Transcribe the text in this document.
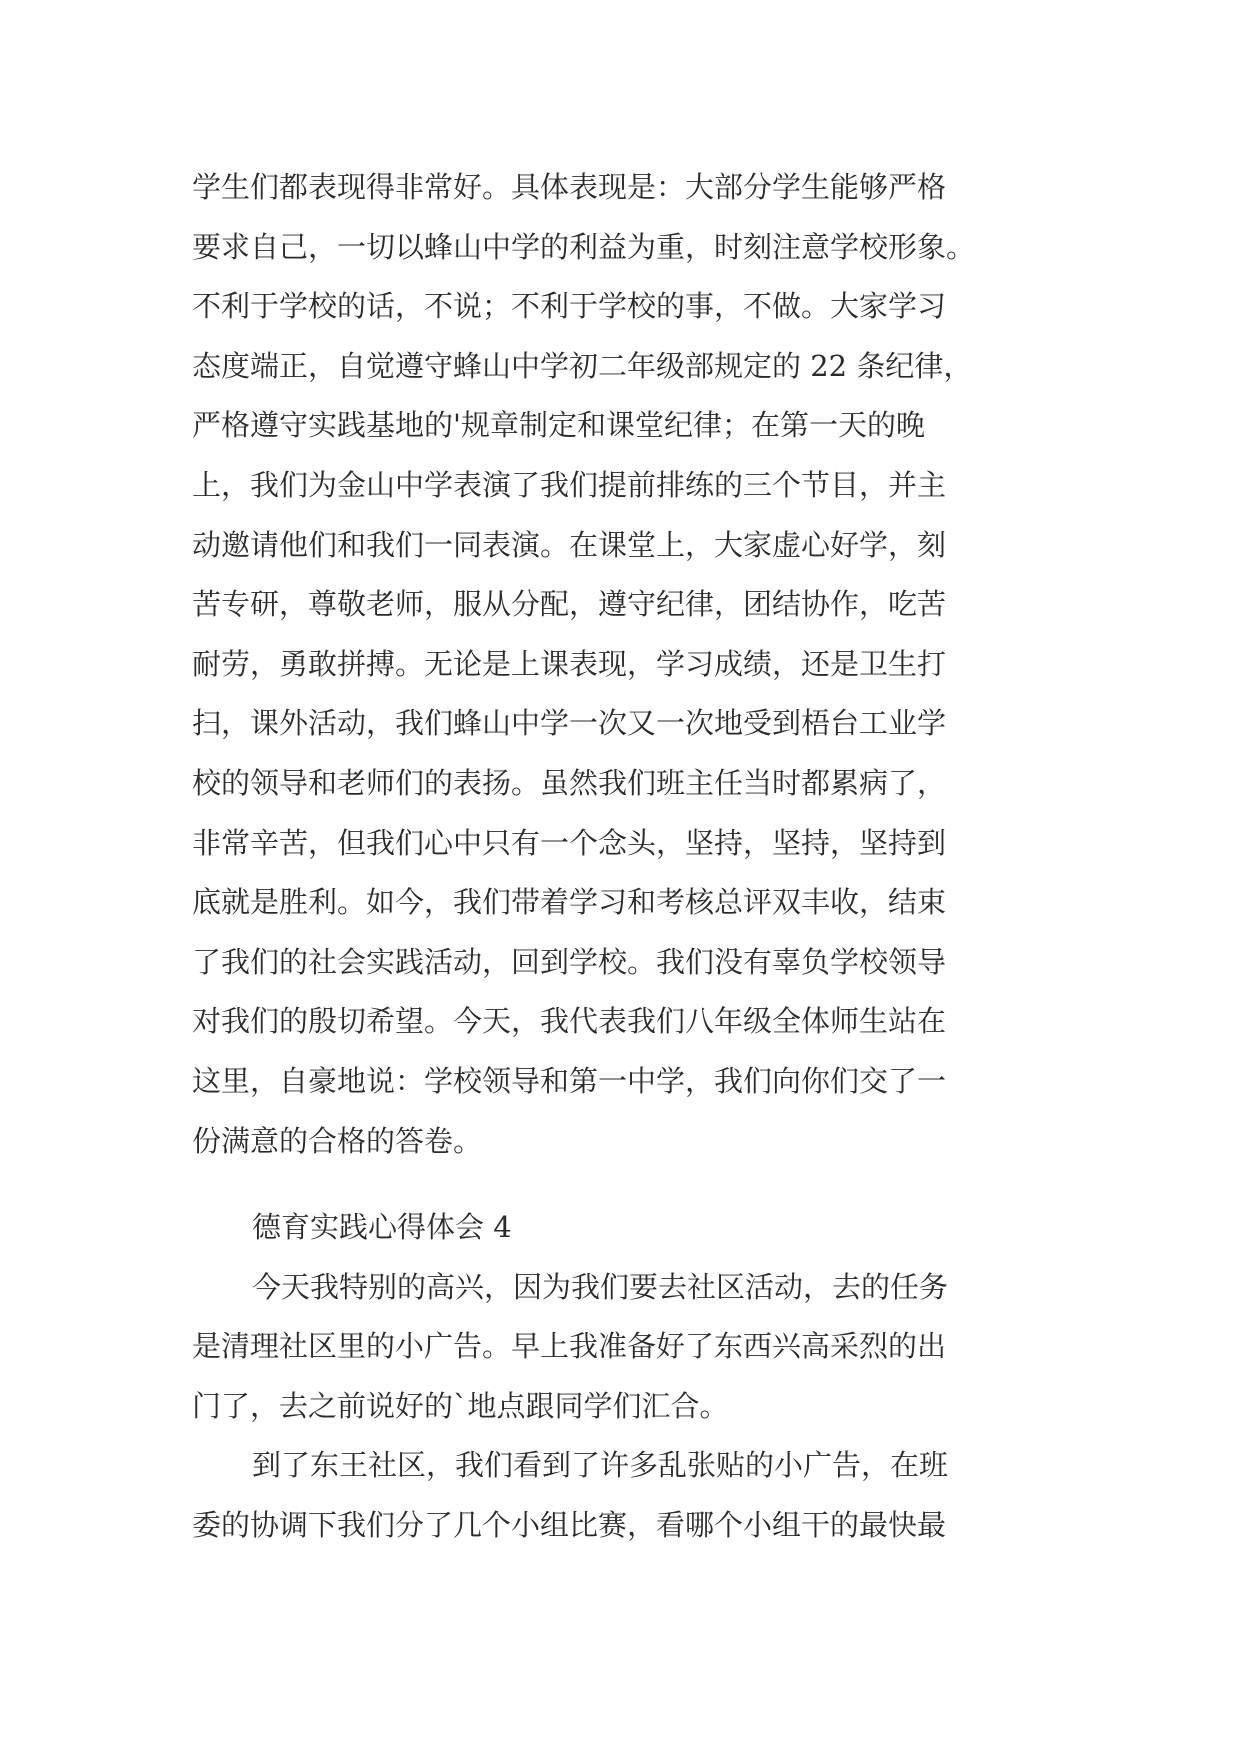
学生们都表现得非常好。具体表现是：大部分学生能够严格
要求自己，一切以蜂山中学的利益为重，时刻注意学校形象。
不利于学校的话，不说；不利于学校的事，不做。大家学习
态度端正，自觉遵守蜂山中学初二年级部规定的 22 条纪律，
严格遵守实践基地的'规章制定和课堂纪律；在第一天的晚
上，我们为金山中学表演了我们提前排练的三个节目，并主
动邀请他们和我们一同表演。在课堂上，大家虚心好学，刻
苦专研，尊敬老师，服从分配，遵守纪律，团结协作，吃苦
耐劳，勇敢拼搏。无论是上课表现，学习成绩，还是卫生打
扫，课外活动，我们蜂山中学一次又一次地受到梧台工业学
校的领导和老师们的表扬。虽然我们班主任当时都累病了，
非常辛苦，但我们心中只有一个念头，坚持，坚持，坚持到
底就是胜利。如今，我们带着学习和考核总评双丰收，结束
了我们的社会实践活动，回到学校。我们没有辜负学校领导
对我们的殷切希望。今天，我代表我们八年级全体师生站在
这里，自豪地说：学校领导和第一中学，我们向你们交了一
份满意的合格的答卷。
德育实践心得体会 4
今天我特别的高兴，因为我们要去社区活动，去的任务
是清理社区里的小广告。早上我准备好了东西兴高采烈的出
门了，去之前说好的`地点跟同学们汇合。
到了东王社区，我们看到了许多乱张贴的小广告，在班
委的协调下我们分了几个小组比赛，看哪个小组干的最快最
